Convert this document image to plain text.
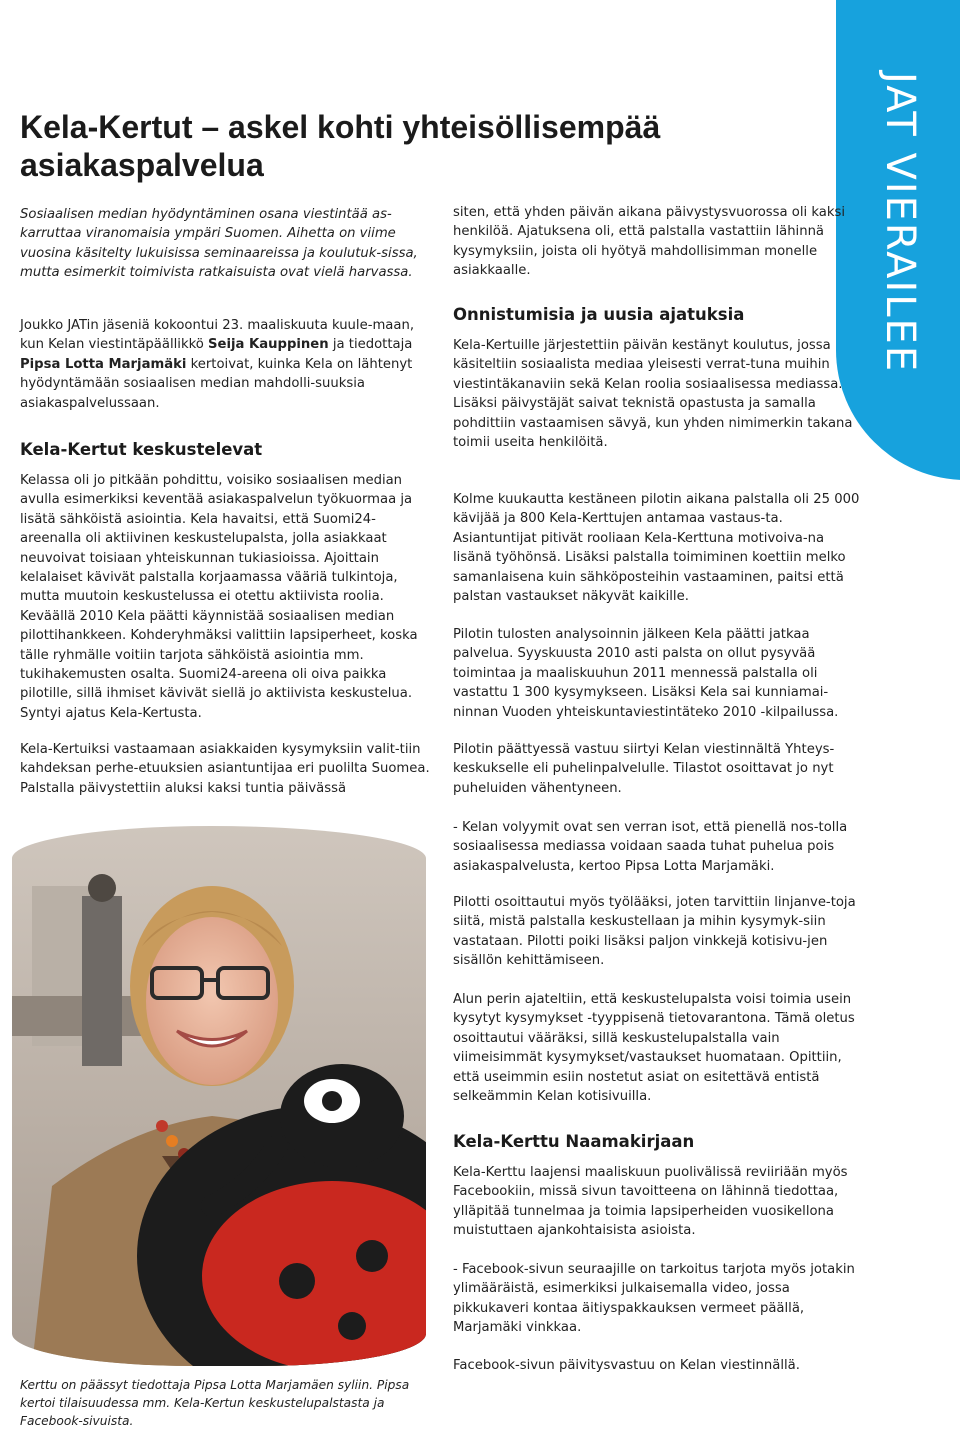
JAT VIERAILEE
Kela-Kertut – askel kohti yhteisöllisempää asiakaspalvelua
Sosiaalisen median hyödyntäminen osana viestintää as-karruttaa viranomaisia ympäri Suomen. Aihetta on viime vuosina käsitelty lukuisissa seminaareissa ja koulutuk-sissa, mutta esimerkit toimivista ratkaisuista ovat vielä harvassa.
Joukko JATin jäseniä kokoontui 23. maaliskuuta kuule-maan, kun Kelan viestintäpäällikkö Seija Kauppinen ja tiedottaja Pipsa Lotta Marjamäki kertoivat, kuinka Kela on lähtenyt hyödyntämään sosiaalisen median mahdolli-suuksia asiakaspalvelussaan.
Kela-Kertut keskustelevat
Kelassa oli jo pitkään pohdittu, voisiko sosiaalisen median avulla esimerkiksi keventää asiakaspalvelun työkuormaa ja lisätä sähköistä asiointia. Kela havaitsi, että Suomi24-areenalla oli aktiivinen keskustelupalsta, jolla asiakkaat neuvoivat toisiaan yhteiskunnan tukiasioissa. Ajoittain kelalaiset kävivät palstalla korjaamassa vääriä tulkintoja, mutta muutoin keskustelussa ei otettu aktiivista roolia. Keväällä 2010 Kela päätti käynnistää sosiaalisen median pilottihankkeen. Kohderyhmäksi valittiin lapsiperheet, koska tälle ryhmälle voitiin tarjota sähköistä asiointia mm. tukihakemusten osalta. Suomi24-areena oli oiva paikka pilotille, sillä ihmiset kävivät siellä jo aktiivista keskustelua. Syntyi ajatus Kela-Kertusta.
Kela-Kertuiksi vastaamaan asiakkaiden kysymyksiin valit-tiin kahdeksan perhe-etuuksien asiantuntijaa eri puolilta Suomea. Palstalla päivystettiin aluksi kaksi tuntia päivässä
Kerttu on päässyt tiedottaja Pipsa Lotta Marjamäen syliin. Pipsa kertoi tilaisuudessa mm. Kela-Kertun keskustelupalstasta ja Facebook-sivuista.
siten, että yhden päivän aikana päivystysvuorossa oli kaksi henkilöä. Ajatuksena oli, että palstalla vastattiin lähinnä kysymyksiin, joista oli hyötyä mahdollisimman monelle asiakkaalle.
Onnistumisia ja uusia ajatuksia
Kela-Kertuille järjestettiin päivän kestänyt koulutus, jossa käsiteltiin sosiaalista mediaa yleisesti verrat-tuna muihin viestintäkanaviin sekä Kelan roolia sosiaalisessa mediassa. Lisäksi päivystäjät saivat teknistä opastusta ja samalla pohdittiin vastaamisen sävyä, kun yhden nimimerkin takana toimii useita henkilöitä.
Kolme kuukautta kestäneen pilotin aikana palstalla oli 25 000 kävijää ja 800 Kela-Kerttujen antamaa vastaus-ta. Asiantuntijat pitivät rooliaan Kela-Kerttuna motivoiva-na lisänä työhönsä. Lisäksi palstalla toimiminen koettiin melko samanlaisena kuin sähköposteihin vastaaminen, paitsi että palstan vastaukset näkyvät kaikille.
Pilotin tulosten analysoinnin jälkeen Kela päätti jatkaa palvelua. Syyskuusta 2010 asti palsta on ollut pysyvää toimintaa ja maaliskuuhun 2011 mennessä palstalla oli vastattu 1 300 kysymykseen. Lisäksi Kela sai kunniamai-ninnan Vuoden yhteiskuntaviestintäteko 2010 -kilpailussa.
Pilotin päättyessä vastuu siirtyi Kelan viestinnältä Yhteys-keskukselle eli puhelinpalvelulle. Tilastot osoittavat jo nyt puheluiden vähentyneen.
- Kelan volyymit ovat sen verran isot, että pienellä nos-tolla sosiaalisessa mediassa voidaan saada tuhat puhelua pois asiakaspalvelusta, kertoo Pipsa Lotta Marjamäki.
Pilotti osoittautui myös työlääksi, joten tarvittiin linjanve-toja siitä, mistä palstalla keskustellaan ja mihin kysymyk-siin vastataan. Pilotti poiki lisäksi paljon vinkkejä kotisivu-jen sisällön kehittämiseen.
Alun perin ajateltiin, että keskustelupalsta voisi toimia usein kysytyt kysymykset -tyyppisenä tietovarantona. Tämä oletus osoittautui vääräksi, sillä keskustelupalstalla vain viimeisimmät kysymykset/vastaukset huomataan. Opittiin, että useimmin esiin nostetut asiat on esitettävä entistä selkeämmin Kelan kotisivuilla.
Kela-Kerttu Naamakirjaan
Kela-Kerttu laajensi maaliskuun puolivälissä reviiriään myös Facebookiin, missä sivun tavoitteena on lähinnä tiedottaa, ylläpitää tunnelmaa ja toimia lapsiperheiden vuosikellona muistuttaen ajankohtaisista asioista.
- Facebook-sivun seuraajille on tarkoitus tarjota myös jotakin ylimääräistä, esimerkiksi julkaisemalla video, jossa pikkukaveri kontaa äitiyspakkauksen vermeet päällä, Marjamäki vinkkaa.
Facebook-sivun päivitysvastuu on Kelan viestinnällä.
